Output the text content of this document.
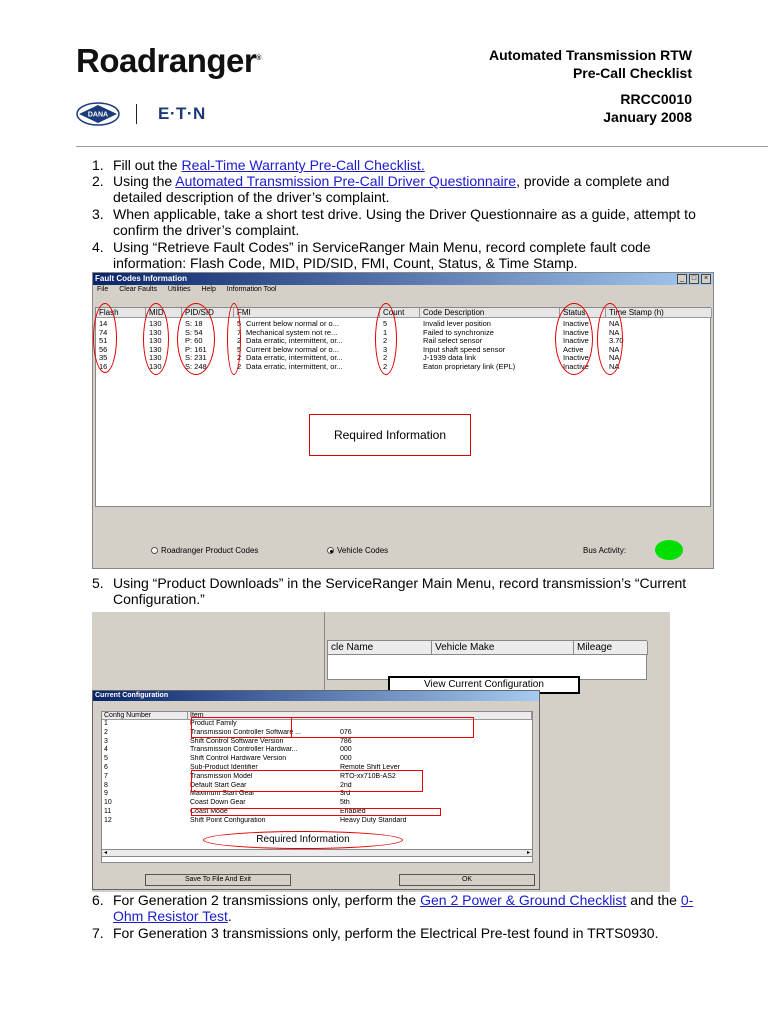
Roadranger®
DANA	E·T·N
Automated Transmission RTW
Pre-Call Checklist
RRCC0010
January 2008
1. Fill out the Real-Time Warranty Pre-Call Checklist.
2. Using the Automated Transmission Pre-Call Driver Questionnaire, provide a complete and detailed description of the driver’s complaint.
3. When applicable, take a short test drive. Using the Driver Questionnaire as a guide, attempt to confirm the driver’s complaint.
4. Using “Retrieve Fault Codes” in ServiceRanger Main Menu, record complete fault code information: Flash Code, MID, PID/SID, FMI, Count, Status, & Time Stamp.
Fault Codes Information	_	□	×
File Clear Faults Utilities Help Information Tool
Flash	MID	PID/SID	FMI	Count	Code Description	Status	Time Stamp (h)
14	130	S: 18	5 Current below normal or o...	5	Invalid lever position	Inactive	NA
74	130	S: 54	7 Mechanical system not re...	1	Failed to synchronize	Inactive	NA
51	130	P: 60	2 Data erratic, intermittent, or...	2	Rail select sensor	Inactive	3.70
56	130	P: 161	5 Current below normal or o...	3	Input shaft speed sensor	Active	NA
35	130	S: 231	2 Data erratic, intermittent, or...	2	J-1939 data link	Inactive	NA
16	130	S: 248	2 Data erratic, intermittent, or...	2	Eaton proprietary link (EPL)	Inactive	NA
Required Information
Roadranger Product Codes	Vehicle Codes	Bus Activity:
5. Using “Product Downloads” in the ServiceRanger Main Menu, record transmission’s “Current Configuration.”
cle Name	Vehicle Make	Mileage
View Current Configuration
Current Configuration
Config Number	Item
1	Product Family
2	Transmission Controller Software ...	076
3	Shift Control Software Version	786
4	Transmission Controller Hardwar...	000
5	Shift Control Hardware Version	000
6	Sub-Product Identifier	Remote Shift Lever
7	Transmission Model	RTO-xx710B-AS2
8	Default Start Gear	2nd
9	Maximum Start Gear	3rd
10	Coast Down Gear	5th
11	Coast Mode	Enabled
12	Shift Point Configuration	Heavy Duty Standard
Required Information
◂	▸
Save To File And Exit	OK
6. For Generation 2 transmissions only, perform the Gen 2 Power & Ground Checklist and the 0-Ohm Resistor Test.
7. For Generation 3 transmissions only, perform the Electrical Pre-test found in TRTS0930.
